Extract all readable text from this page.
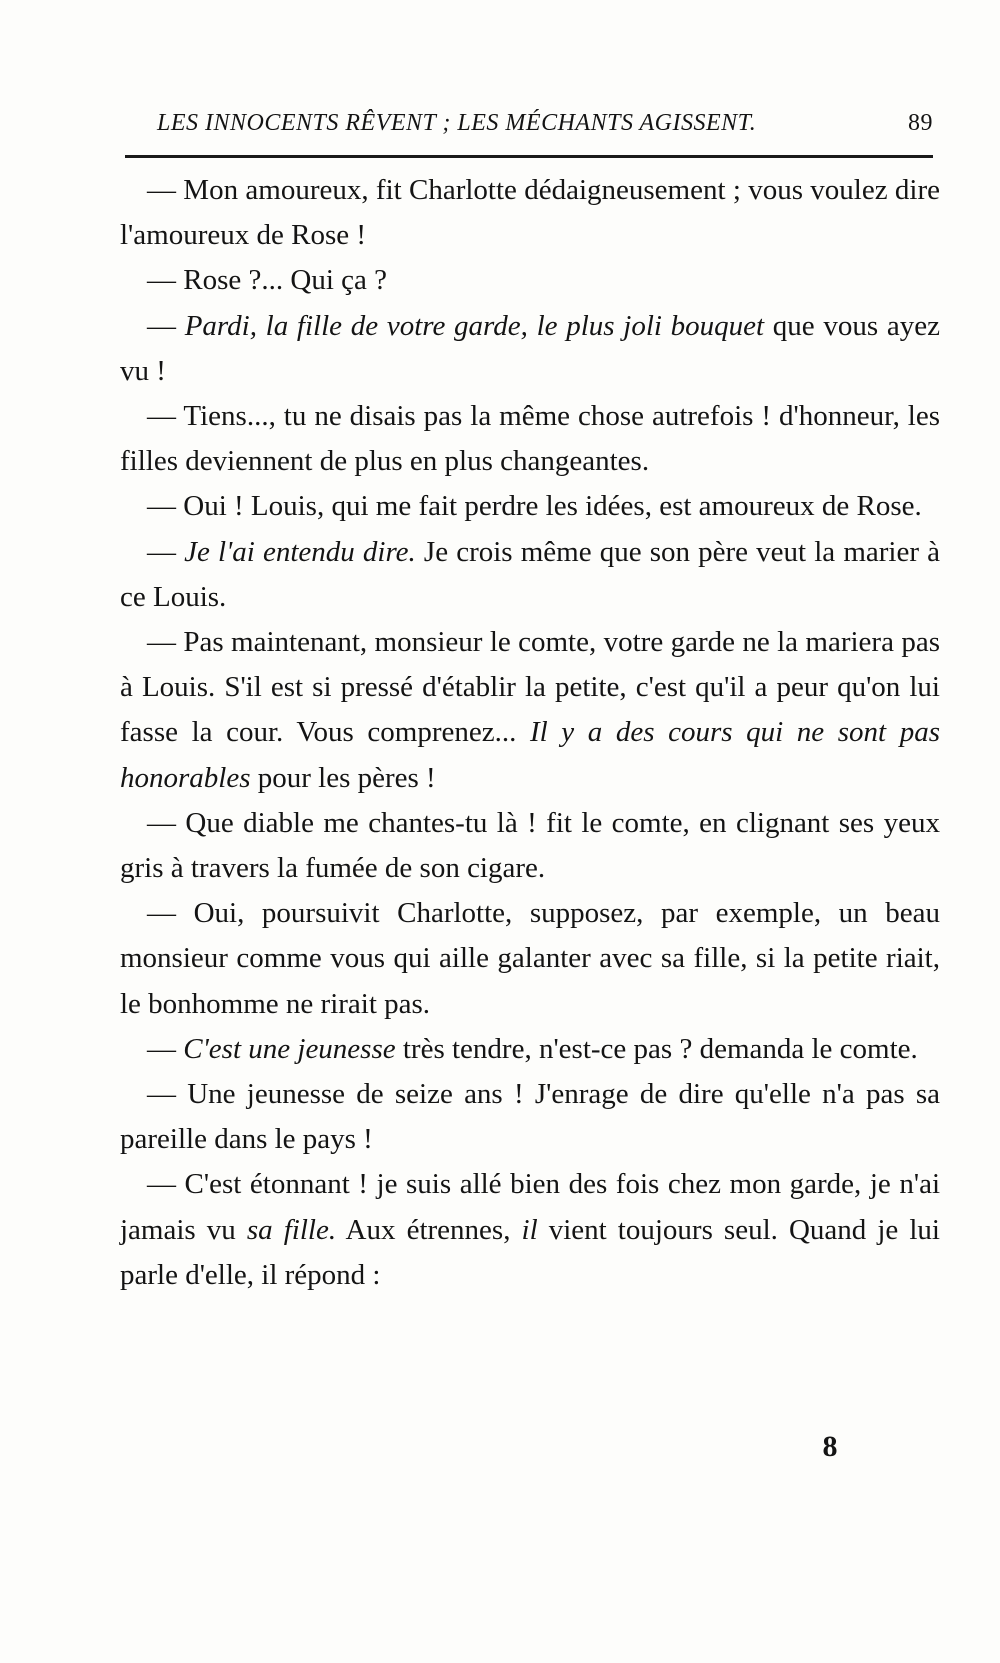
LES INNOCENTS RÊVENT ; LES MÉCHANTS AGISSENT.	89

— Mon amoureux, fit Charlotte dédaigneusement ; vous voulez dire l'amoureux de Rose !

— Rose ?... Qui ça ?

— Pardi, la fille de votre garde, le plus joli bouquet que vous ayez vu !

— Tiens..., tu ne disais pas la même chose autrefois ! d'honneur, les filles deviennent de plus en plus changeantes.

— Oui ! Louis, qui me fait perdre les idées, est amoureux de Rose.

— Je l'ai entendu dire. Je crois même que son père veut la marier à ce Louis.

— Pas maintenant, monsieur le comte, votre garde ne la mariera pas à Louis. S'il est si pressé d'établir la petite, c'est qu'il a peur qu'on lui fasse la cour. Vous comprenez... Il y a des cours qui ne sont pas honorables pour les pères !

— Que diable me chantes-tu là ! fit le comte, en clignant ses yeux gris à travers la fumée de son cigare.

— Oui, poursuivit Charlotte, supposez, par exemple, un beau monsieur comme vous qui aille galanter avec sa fille, si la petite riait, le bonhomme ne rirait pas.

— C'est une jeunesse très tendre, n'est-ce pas ? demanda le comte.

— Une jeunesse de seize ans ! J'enrage de dire qu'elle n'a pas sa pareille dans le pays !

— C'est étonnant ! je suis allé bien des fois chez mon garde, je n'ai jamais vu sa fille. Aux étrennes, il vient toujours seul. Quand je lui parle d'elle, il répond :

8
